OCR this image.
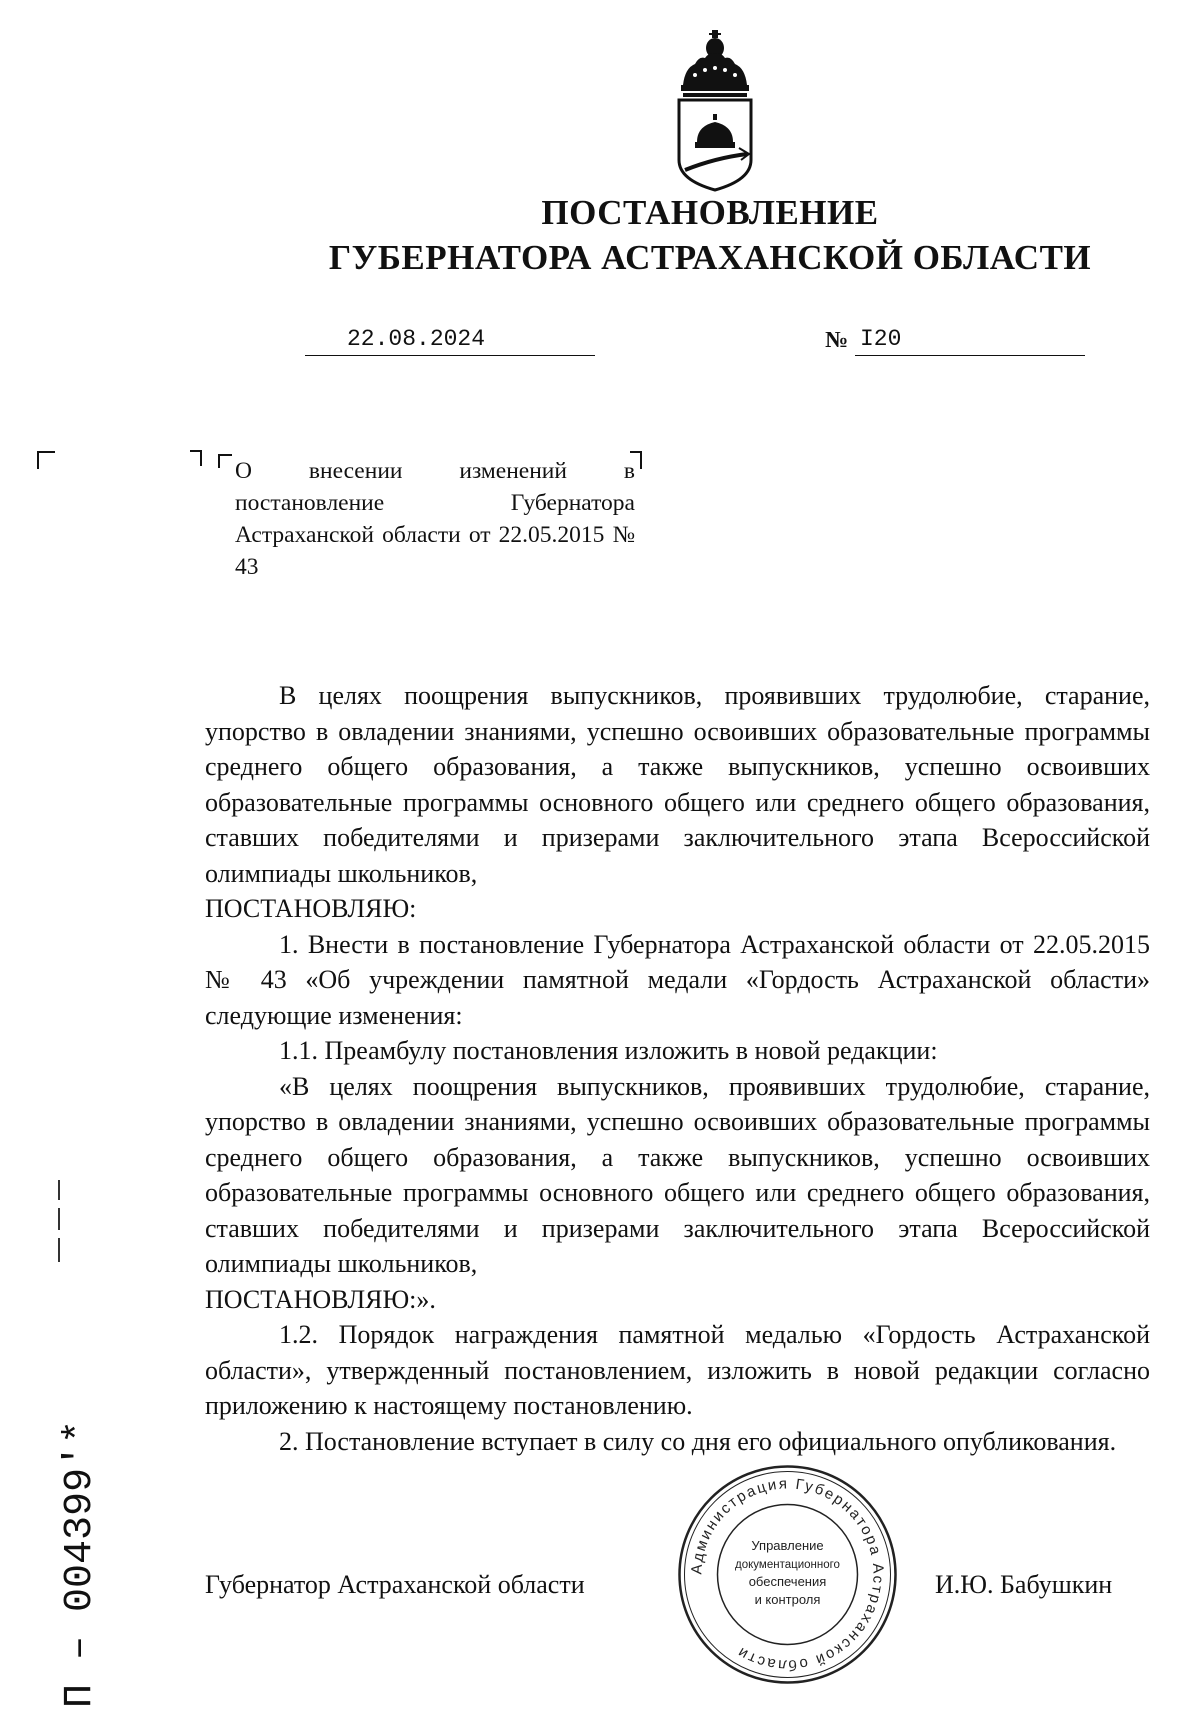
ПОСТАНОВЛЕНИЕ
ГУБЕРНАТОРА АСТРАХАНСКОЙ ОБЛАСТИ
22.08.2024	№ I20
О внесении изменений в постановление Губернатора Астраханской области от 22.05.2015 № 43

В целях поощрения выпускников, проявивших трудолюбие, старание, упорство в овладении знаниями, успешно освоивших образовательные программы среднего общего образования, а также выпускников, успешно освоивших образовательные программы основного общего или среднего общего образования, ставших победителями и призерами заключительного этапа Всероссийской олимпиады школьников,

ПОСТАНОВЛЯЮ:

1. Внести в постановление Губернатора Астраханской области от 22.05.2015 № 43 «Об учреждении памятной медали «Гордость Астраханской области» следующие изменения:

1.1. Преамбулу постановления изложить в новой редакции:

«В целях поощрения выпускников, проявивших трудолюбие, старание, упорство в овладении знаниями, успешно освоивших образовательные программы среднего общего образования, а также выпускников, успешно освоивших образовательные программы основного общего или среднего общего образования, ставших победителями и призерами заключительного этапа Всероссийской олимпиады школьников,

ПОСТАНОВЛЯЮ:».

1.2. Порядок награждения памятной медалью «Гордость Астраханской области», утвержденный постановлением, изложить в новой редакции согласно приложению к настоящему постановлению.

2. Постановление вступает в силу со дня его официального опубликования.

П – 004399'*	Губернатор Астраханской области	И.Ю. Бабушкин
Администрация Губернатора Астраханской области
Управление
документационного
обеспечения
и контроля
